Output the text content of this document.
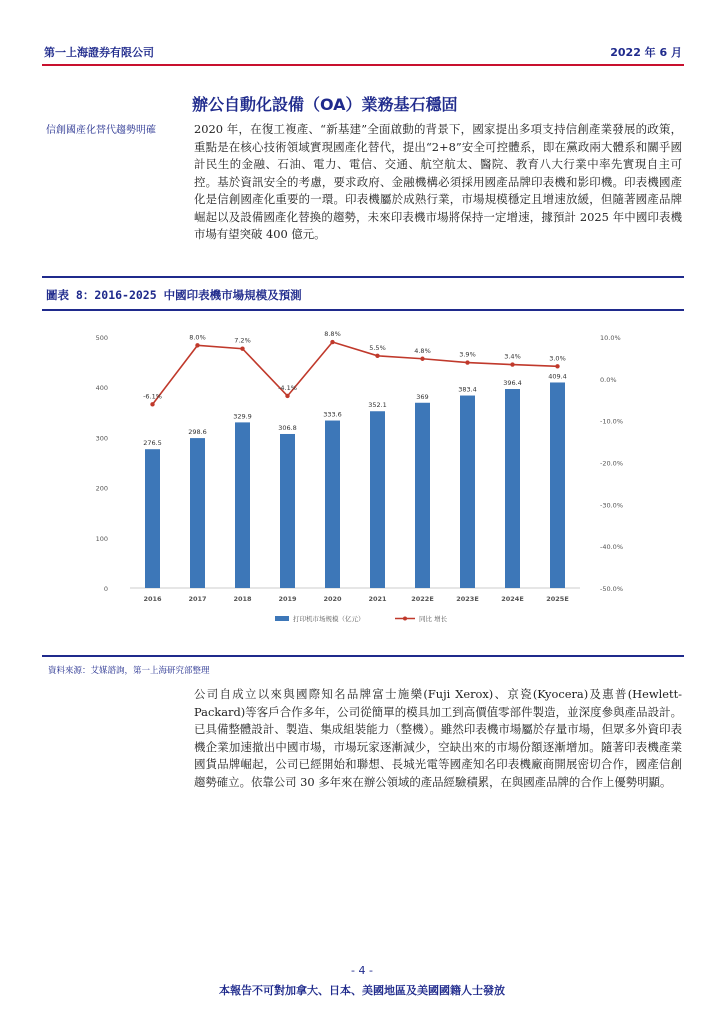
第一上海證券有限公司	2022 年 6 月
辦公自動化設備（OA）業務基石穩固
信創國產化替代趨勢明確	2020 年，在復工複產、“新基建”全面啟動的背景下，國家提出多項支持信創產業發展的政策，重點是在核心技術領域實現國產化替代，提出“2+8”安全可控體系，即在黨政兩大體系和關乎國計民生的金融、石油、電力、電信、交通、航空航太、醫院、教育八大行業中率先實現自主可控。基於資訊安全的考慮，要求政府、金融機構必須採用國產品牌印表機和影印機。印表機國產化是信創國產化重要的一環。印表機屬於成熟行業，市場規模穩定且增速放緩，但隨著國產品牌崛起以及設備國產化替換的趨勢，未來印表機市場將保持一定增速，據預計 2025 年中國印表機市場有望突破 400 億元。

圖表 8：2016-2025 中國印表機市場規模及預測
0
100
200
300
400
500
-50.0%
-40.0%
-30.0%
-20.0%
-10.0%
0.0%
10.0%
276.5
2016
298.6
2017
329.9
2018
306.8
2019
333.6
2020
352.1
2021
369
2022E
383.4
2023E
396.4
2024E
409.4
2025E
-6.1%
8.0%	7.2%
-4.1%
8.8%
5.5%	4.8%	3.9%	3.4%	3.0%
打印机市场规模（亿元）	同比 增长
資料來源：艾媒諮詢，第一上海研究部整理

公司自成立以來與國際知名品牌富士施樂(Fuji Xerox)、京瓷(Kyocera)及惠普(Hewlett-Packard)等客戶合作多年，公司從簡單的模具加工到高價值零部件製造，並深度參與產品設計。已具備整體設計、製造、集成組裝能力（整機）。雖然印表機市場屬於存量市場，但眾多外資印表機企業加速撤出中國市場，市場玩家逐漸減少，空缺出來的市場份額逐漸增加。隨著印表機產業國貨品牌崛起，公司已經開始和聯想、長城光電等國產知名印表機廠商開展密切合作，國產信創趨勢確立。依靠公司 30 多年來在辦公領域的產品經驗積累，在與國產品牌的合作上優勢明顯。

- 4 -
本報告不可對加拿大、日本、美國地區及美國國籍人士發放
